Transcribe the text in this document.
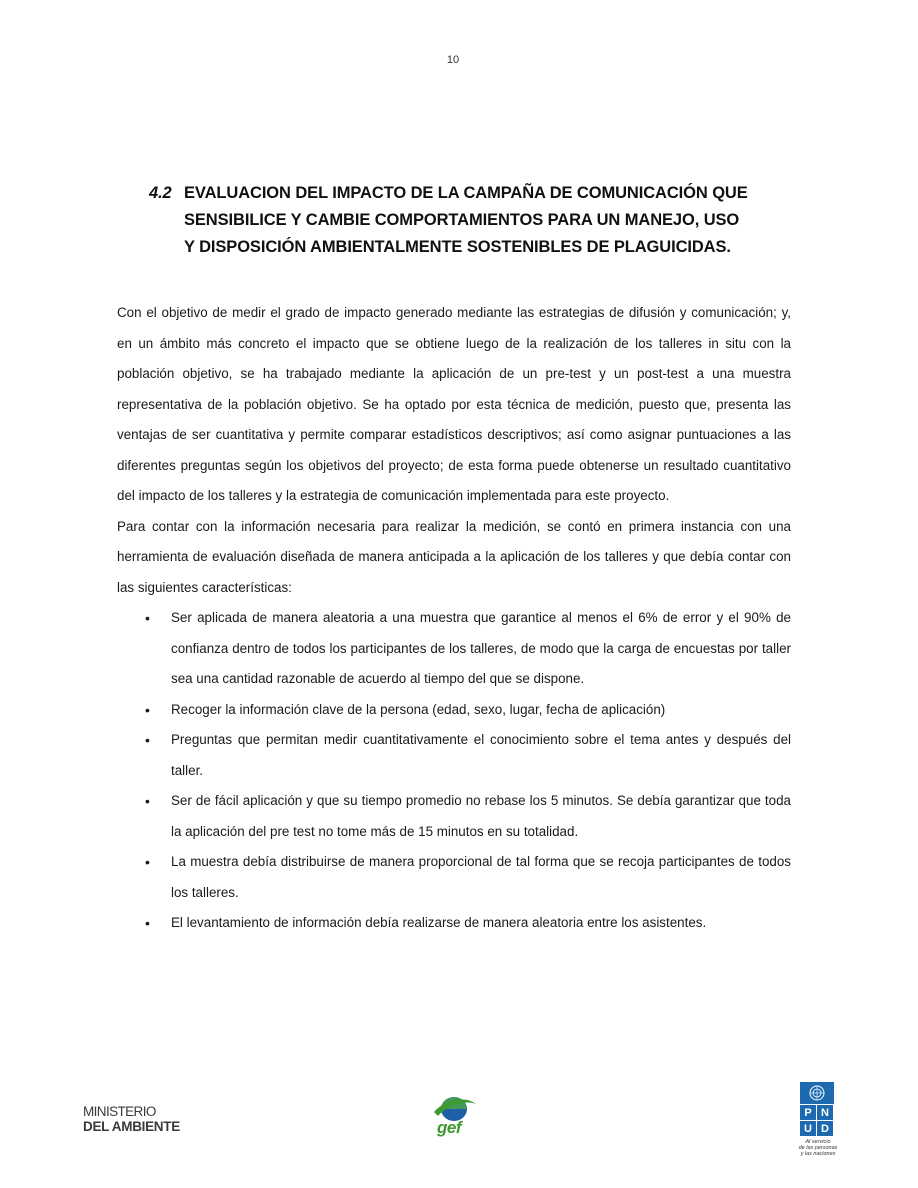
10
4.2 EVALUACION DEL IMPACTO DE LA CAMPAÑA DE COMUNICACIÓN QUE
SENSIBILICE Y CAMBIE COMPORTAMIENTOS PARA UN MANEJO, USO
Y DISPOSICIÓN AMBIENTALMENTE SOSTENIBLES DE PLAGUICIDAS.

Con el objetivo de medir el grado de impacto generado mediante las estrategias de difusión y comunicación; y, en un ámbito más concreto el impacto que se obtiene luego de la realización de los talleres in situ con la población objetivo, se ha trabajado mediante la aplicación de un pre-test y un post-test a una muestra representativa de la población objetivo. Se ha optado por esta técnica de medición, puesto que, presenta las ventajas de ser cuantitativa y permite comparar estadísticos descriptivos; así como asignar puntuaciones a las diferentes preguntas según los objetivos del proyecto; de esta forma puede obtenerse un resultado cuantitativo del impacto de los talleres y la estrategia de comunicación implementada para este proyecto.

Para contar con la información necesaria para realizar la medición, se contó en primera instancia con una herramienta de evaluación diseñada de manera anticipada a la aplicación de los talleres y que debía contar con las siguientes características:

• Ser aplicada de manera aleatoria a una muestra que garantice al menos el 6% de error y el 90% de confianza dentro de todos los participantes de los talleres, de modo que la carga de encuestas por taller sea una cantidad razonable de acuerdo al tiempo del que se dispone.
• Recoger la información clave de la persona (edad, sexo, lugar, fecha de aplicación)
• Preguntas que permitan medir cuantitativamente el conocimiento sobre el tema antes y después del taller.
• Ser de fácil aplicación y que su tiempo promedio no rebase los 5 minutos. Se debía garantizar que toda la aplicación del pre test no tome más de 15 minutos en su totalidad.
• La muestra debía distribuirse de manera proporcional de tal forma que se recoja participantes de todos los talleres.
• El levantamiento de información debía realizarse de manera aleatoria entre los asistentes.
MINISTERIO
DEL AMBIENTE	gef
P N
U D
Al servicio
de las personas
y las naciones
